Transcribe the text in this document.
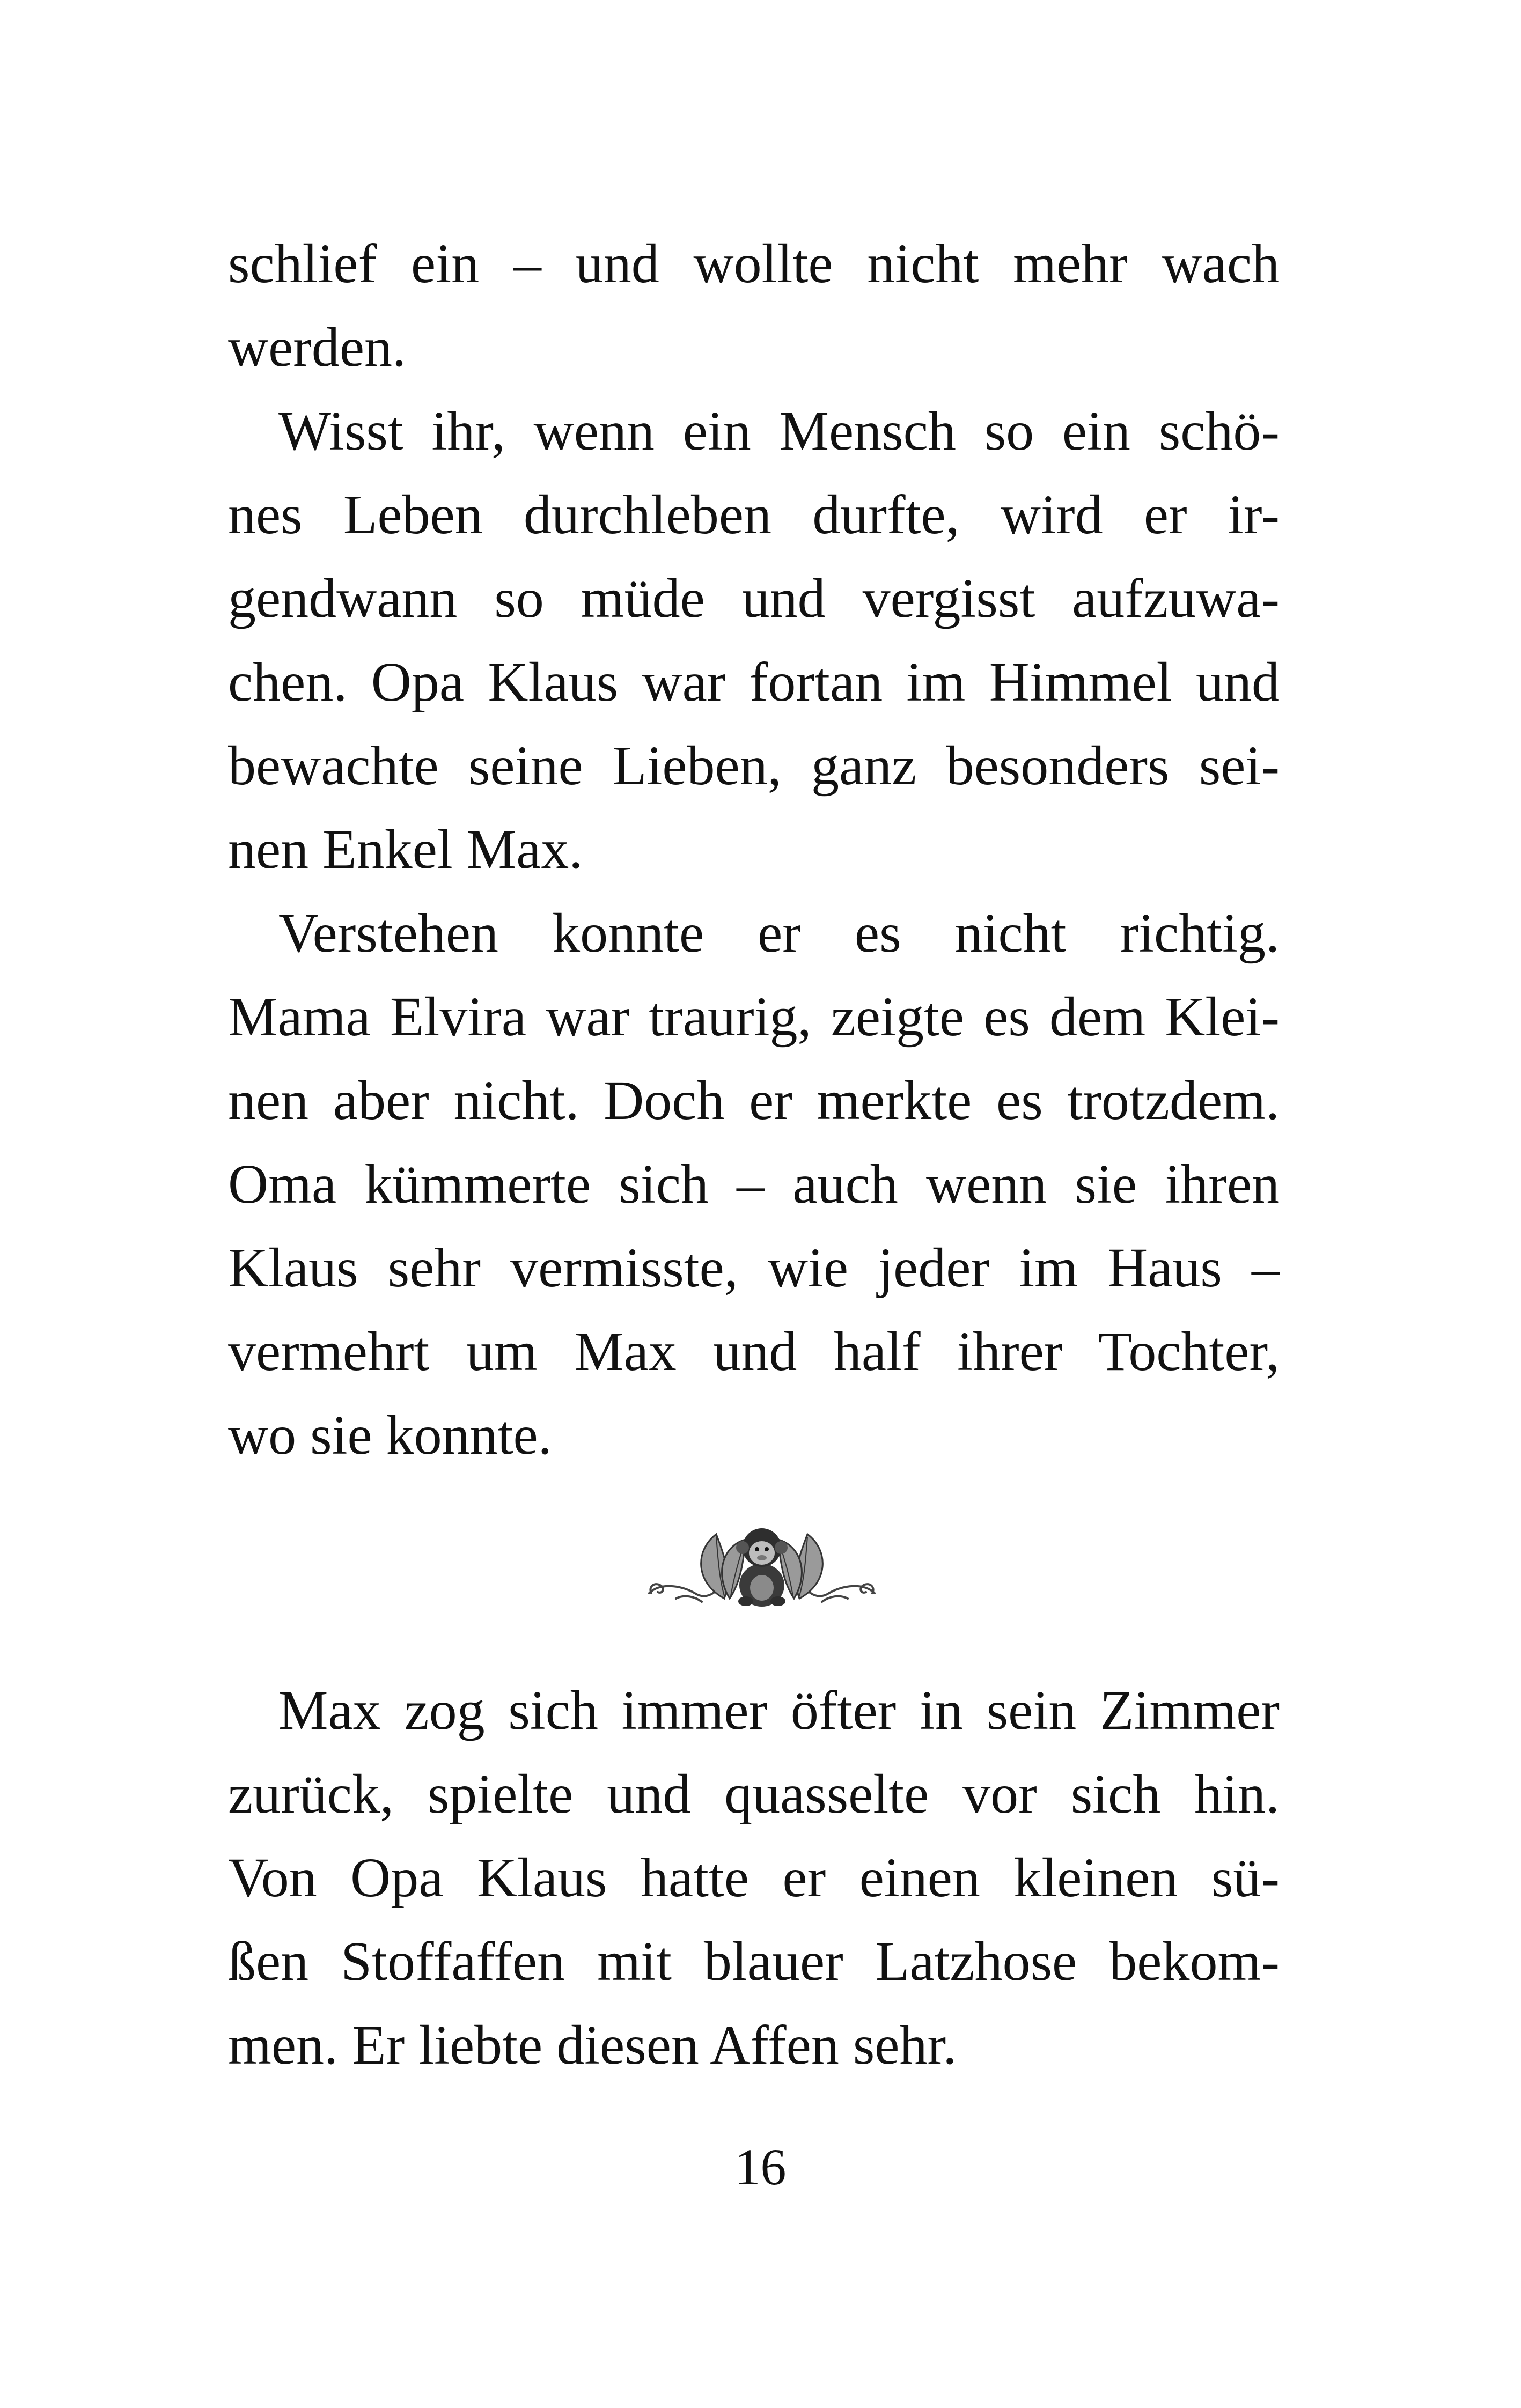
schlief ein – und wollte nicht mehr wach
werden.
Wisst ihr, wenn ein Mensch so ein schö-
nes Leben durchleben durfte, wird er ir-
gendwann so müde und vergisst aufzuwa-
chen. Opa Klaus war fortan im Himmel und
bewachte seine Lieben, ganz besonders sei-
nen Enkel Max.
Verstehen konnte er es nicht richtig.
Mama Elvira war traurig, zeigte es dem Klei-
nen aber nicht. Doch er merkte es trotzdem.
Oma kümmerte sich – auch wenn sie ihren
Klaus sehr vermisste, wie jeder im Haus –
vermehrt um Max und half ihrer Tochter,
wo sie konnte.
Max zog sich immer öfter in sein Zimmer
zurück, spielte und quasselte vor sich hin.
Von Opa Klaus hatte er einen kleinen sü-
ßen Stoffaffen mit blauer Latzhose bekom-
men. Er liebte diesen Affen sehr.
16
